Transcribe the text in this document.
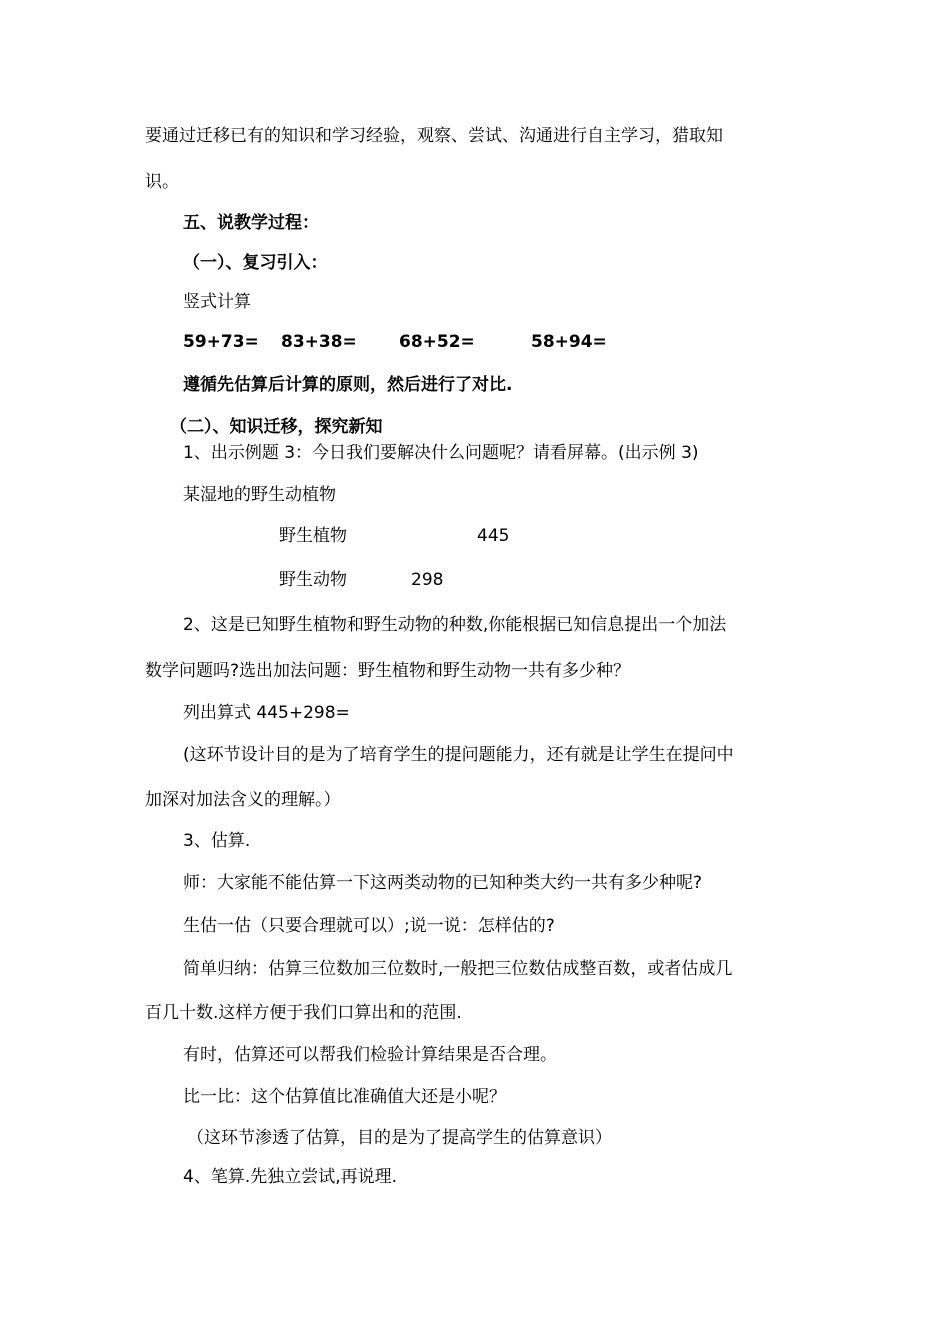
要通过迁移已有的知识和学习经验，观察、尝试、沟通进行自主学习，猎取知
识。
五、说教学过程：
（一）、复习引入：
竖式计算
59+73= 83+38= 68+52=	58+94=
遵循先估算后计算的原则，然后进行了对比.
（二）、知识迁移，探究新知
1、出示例题 3：今日我们要解决什么问题呢？请看屏幕。(出示例 3)
某湿地的野生动植物
野生植物	445
野生动物	298
2、这是已知野生植物和野生动物的种数,你能根据已知信息提出一个加法
数学问题吗?选出加法问题：野生植物和野生动物一共有多少种？
列出算式 445+298=
(这环节设计目的是为了培育学生的提问题能力，还有就是让学生在提问中
加深对加法含义的理解。）
3、估算.
师：大家能不能估算一下这两类动物的已知种类大约一共有多少种呢?
生估一估（只要合理就可以）;说一说：怎样估的?
简单归纳：估算三位数加三位数时,一般把三位数估成整百数，或者估成几
百几十数.这样方便于我们口算出和的范围.
有时，估算还可以帮我们检验计算结果是否合理。
比一比：这个估算值比准确值大还是小呢？
（这环节渗透了估算，目的是为了提高学生的估算意识）
4、笔算.先独立尝试,再说理.
